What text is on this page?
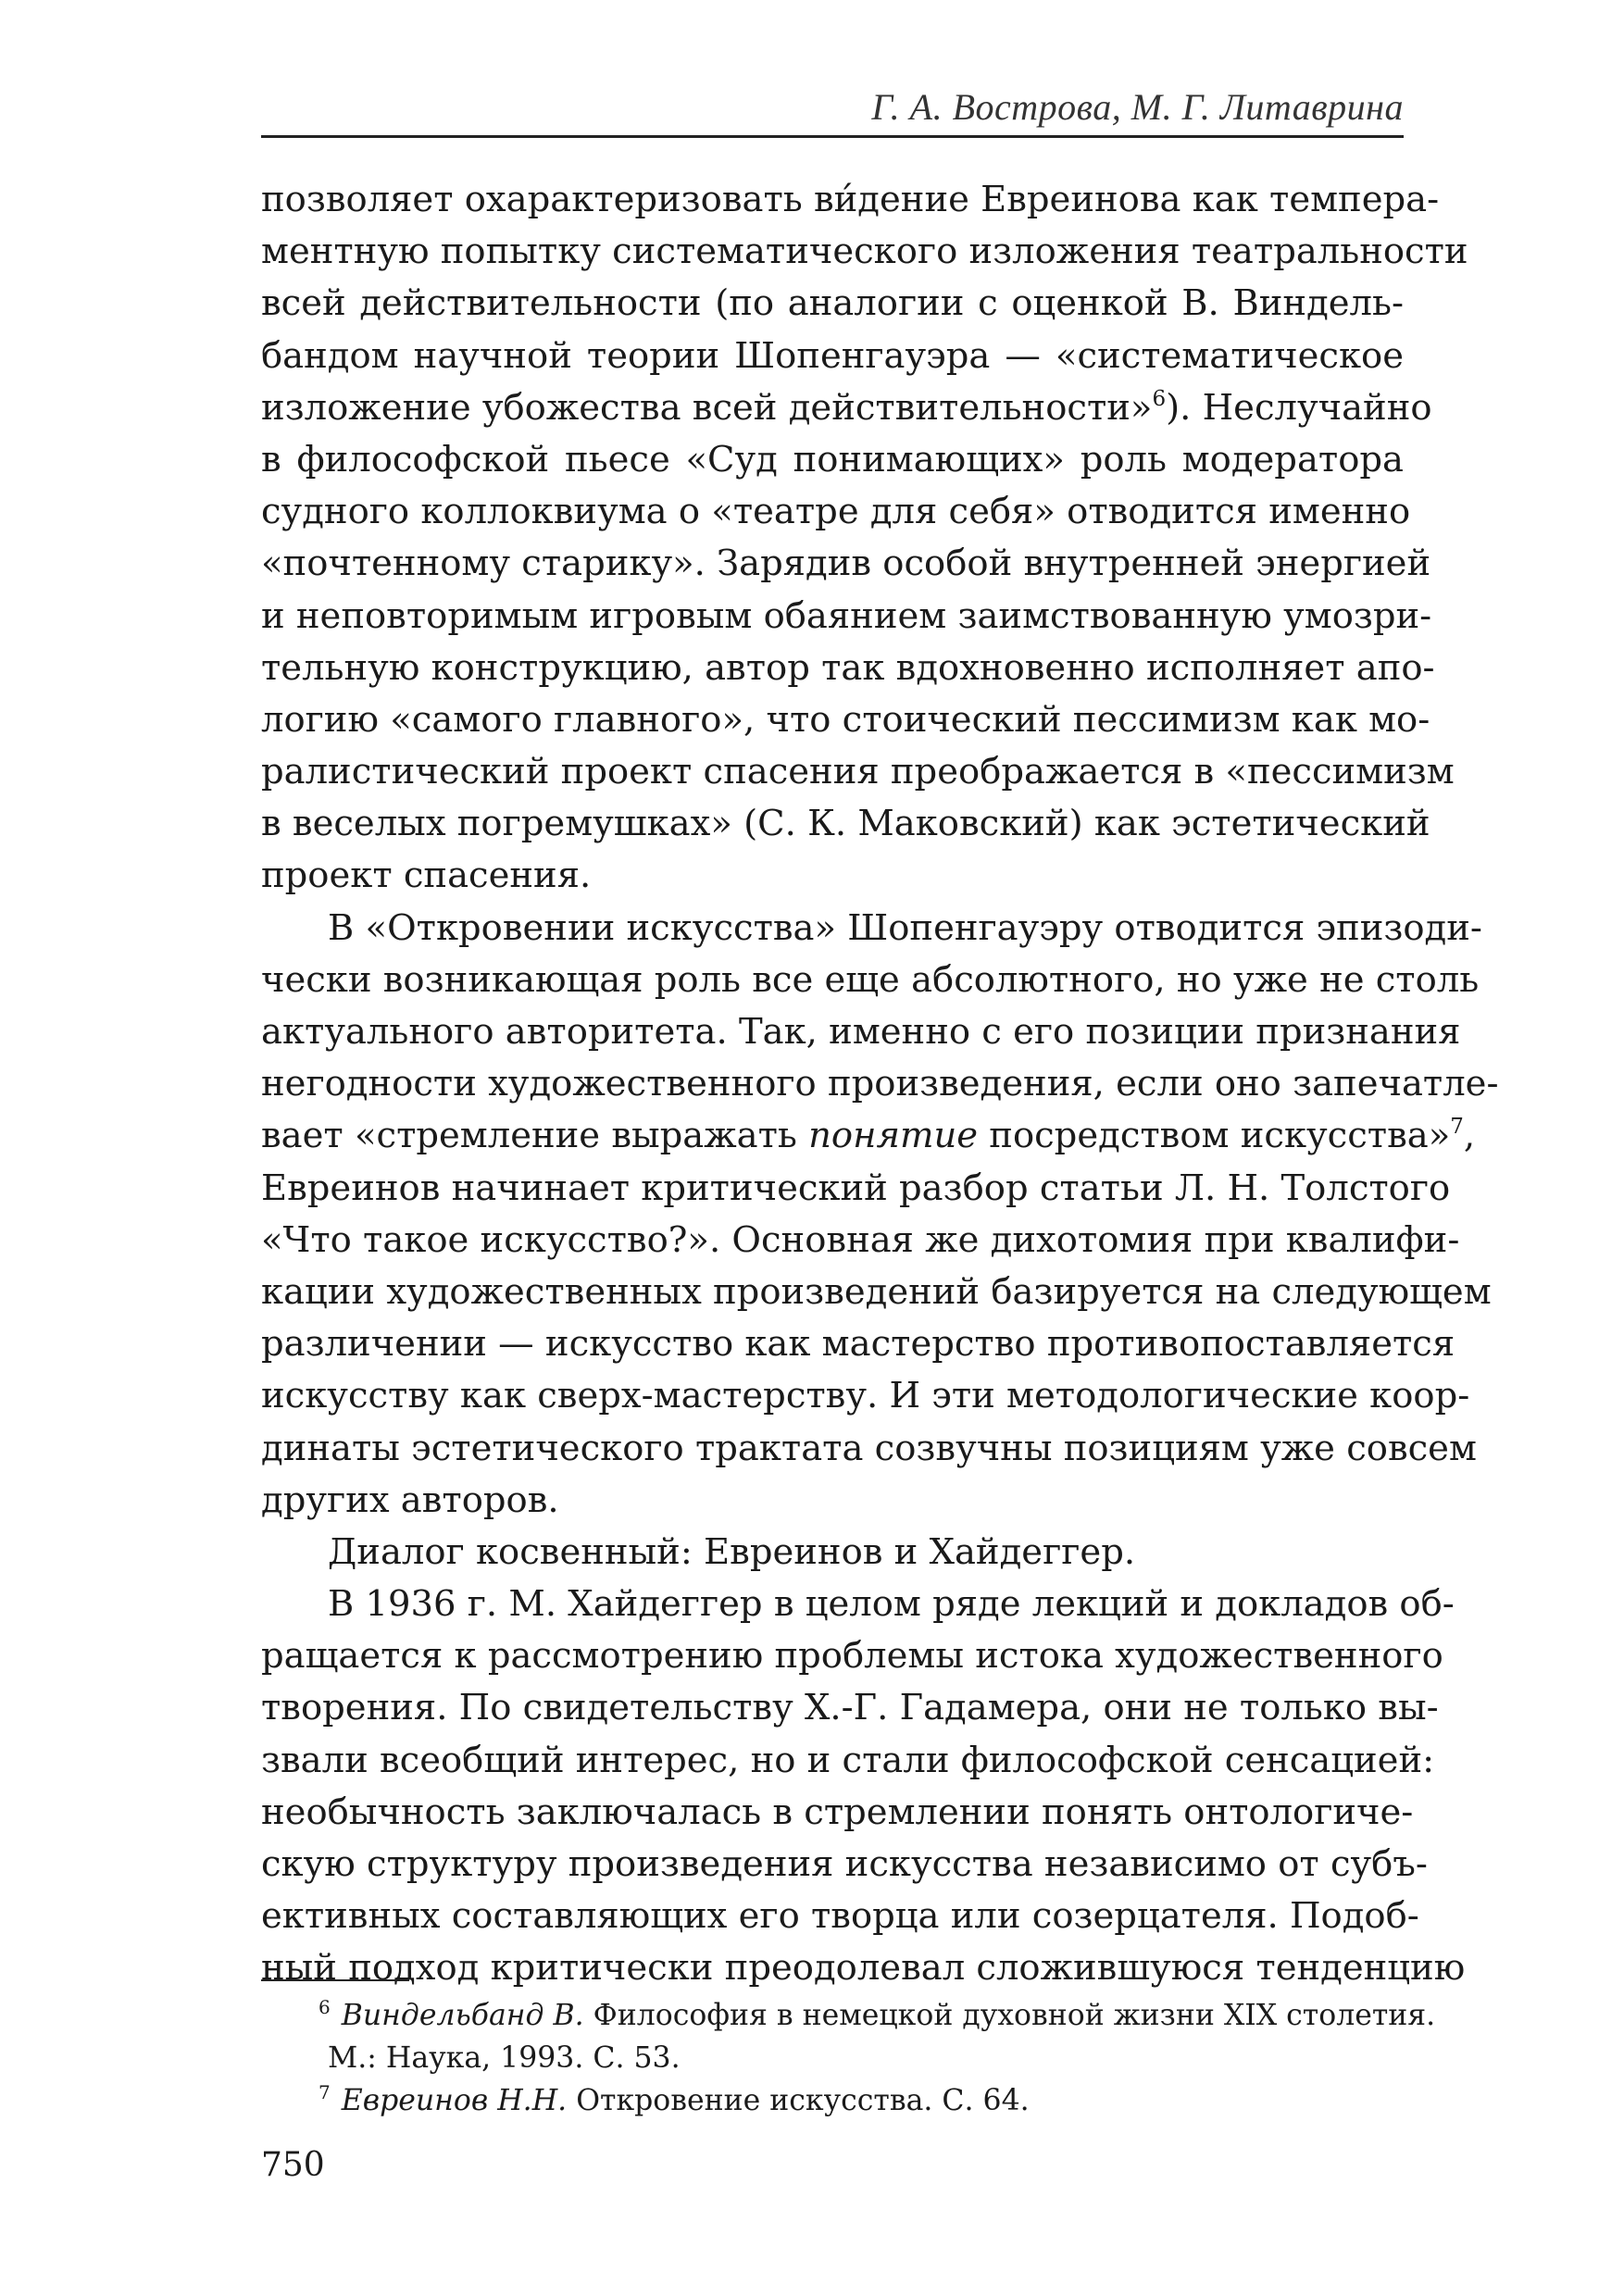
Г. А. Вострова, М. Г. Литаврина
позволяет охарактеризовать ви́дение Евреинова как темпера-
ментную попытку систематического изложения театральности
всей действительности (по аналогии с оценкой В. Виндель-
бандом научной теории Шопенгауэра — «систематическое
изложение убожества всей действительности»$^6$). Неслучайно
в философской пьесе «Суд понимающих» роль модератора
судного коллоквиума о «театре для себя» отводится именно
«почтенному старику». Зарядив особой внутренней энергией
и неповторимым игровым обаянием заимствованную умозри-
тельную конструкцию, автор так вдохновенно исполняет апо-
логию «самого главного», что стоический пессимизм как мо-
ралистический проект спасения преображается в «пессимизм
в веселых погремушках» (С. К. Маковский) как эстетический
проект спасения.
В «Откровении искусства» Шопенгауэру отводится эпизоди-
чески возникающая роль все еще абсолютного, но уже не столь
актуального авторитета. Так, именно с его позиции признания
негодности художественного произведения, если оно запечатле-
вает «стремление выражать понятие посредством искусства»$^7$,
Евреинов начинает критический разбор статьи Л. Н. Толстого
«Что такое искусство?». Основная же дихотомия при квалифи-
кации художественных произведений базируется на следующем
различении — искусство как мастерство противопоставляется
искусству как сверх-мастерству. И эти методологические коор-
динаты эстетического трактата созвучны позициям уже совсем
других авторов.
Диалог косвенный: Евреинов и Хайдеггер.
В 1936 г. М. Хайдеггер в целом ряде лекций и докладов об-
ращается к рассмотрению проблемы истока художественного
творения. По свидетельству Х.-Г. Гадамера, они не только вы-
звали всеобщий интерес, но и стали философской сенсацией:
необычность заключалась в стремлении понять онтологиче-
скую структуру произведения искусства независимо от субъ-
ективных составляющих его творца или созерцателя. Подоб-
ный подход критически преодолевал сложившуюся тенденцию
$^6$ Виндельбанд В. Философия в немецкой духовной жизни XIX столетия.
М.: Наука, 1993. С. 53.
$^7$ Евреинов Н.Н. Откровение искусства. С. 64.
750
